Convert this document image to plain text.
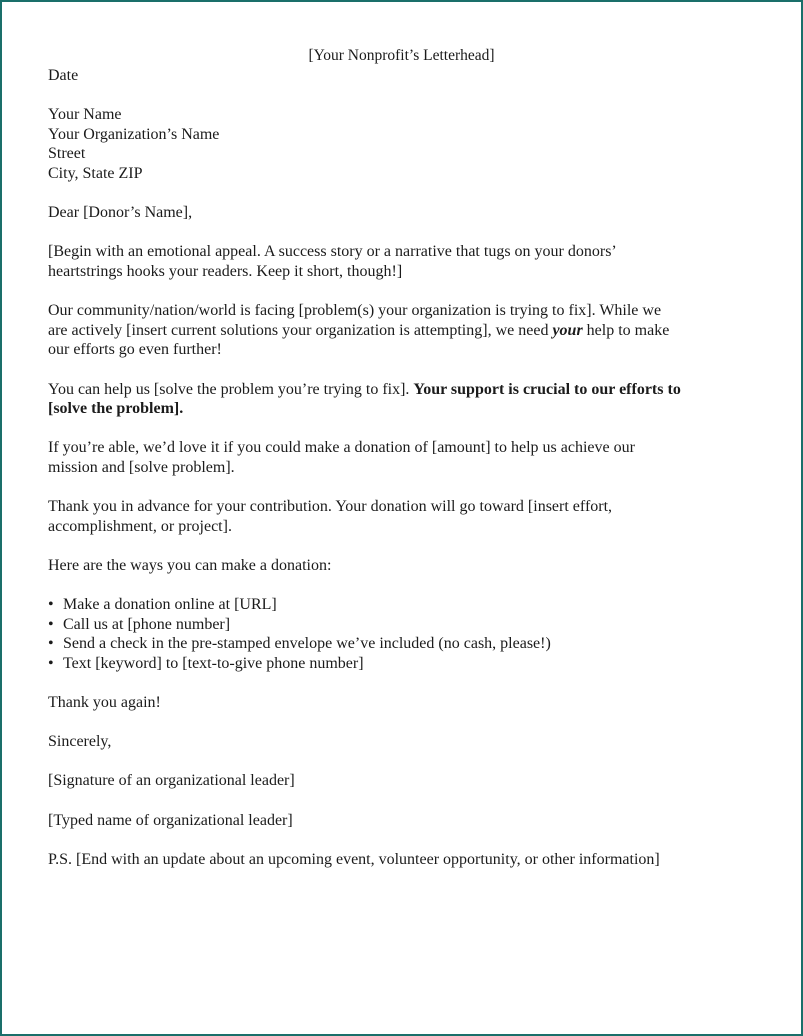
[Your Nonprofit’s Letterhead]

Date

Your Name
Your Organization’s Name
Street
City, State ZIP

Dear [Donor’s Name],

[Begin with an emotional appeal. A success story or a narrative that tugs on your donors’
heartstrings hooks your readers. Keep it short, though!]

Our community/nation/world is facing [problem(s) your organization is trying to fix]. While we
are actively [insert current solutions your organization is attempting], we need your help to make
our efforts go even further!

You can help us [solve the problem you’re trying to fix]. Your support is crucial to our efforts to
[solve the problem].

If you’re able, we’d love it if you could make a donation of [amount] to help us achieve our
mission and [solve problem].

Thank you in advance for your contribution. Your donation will go toward [insert effort,
accomplishment, or project].

Here are the ways you can make a donation:

• Make a donation online at [URL]
• Call us at [phone number]
• Send a check in the pre-stamped envelope we’ve included (no cash, please!)
• Text [keyword] to [text-to-give phone number]

Thank you again!

Sincerely,

[Signature of an organizational leader]

[Typed name of organizational leader]

P.S. [End with an update about an upcoming event, volunteer opportunity, or other information]
